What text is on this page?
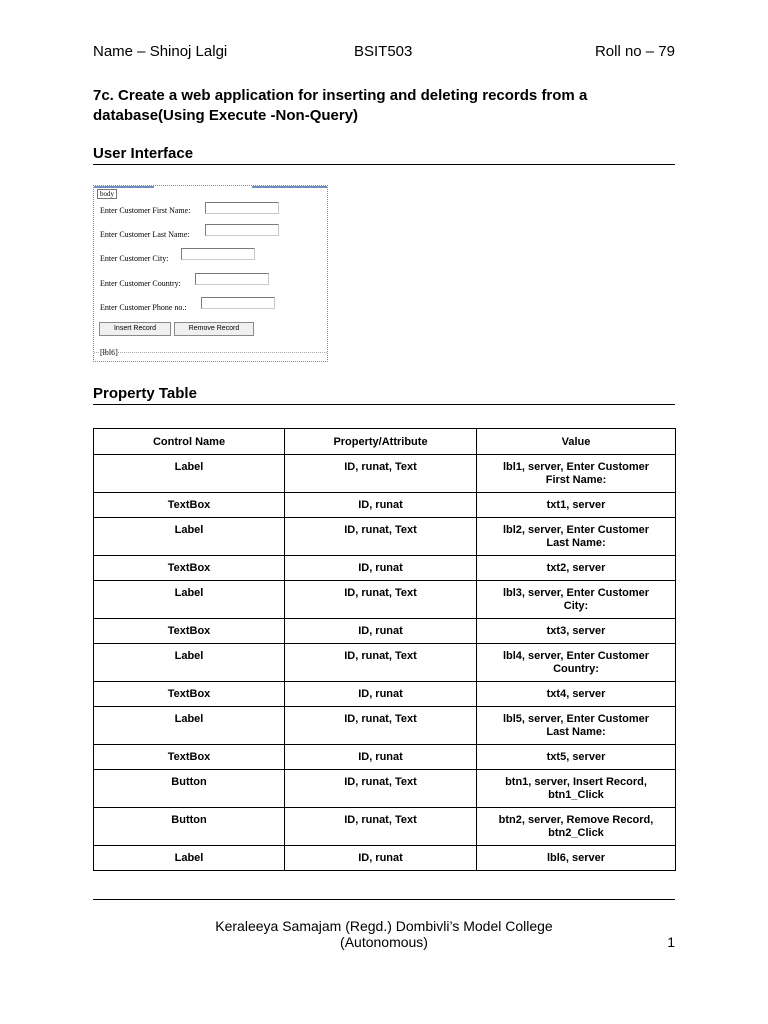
Name – Shinoj Lalgi	BSIT503	Roll no – 79
7c. Create a web application for inserting and deleting records from a
database(Using Execute -Non-Query)
User Interface
body
Enter Customer First Name:
Enter Customer Last Name:
Enter Customer City:
Enter Customer Country:
Enter Customer Phone no.:
Insert Record	Remove Record
[lbl6]
Property Table
Control Name	Property/Attribute	Value
Label	ID, runat, Text	lbl1, server, Enter Customer First Name:
TextBox	ID, runat	txt1, server
Label	ID, runat, Text	lbl2, server, Enter Customer Last Name:
TextBox	ID, runat	txt2, server
Label	ID, runat, Text	lbl3, server, Enter Customer City:
TextBox	ID, runat	txt3, server
Label	ID, runat, Text	lbl4, server, Enter Customer Country:
TextBox	ID, runat	txt4, server
Label	ID, runat, Text	lbl5, server, Enter Customer Last Name:
TextBox	ID, runat	txt5, server
Button	ID, runat, Text	btn1, server, Insert Record, btn1_Click
Button	ID, runat, Text	btn2, server, Remove Record, btn2_Click
Label	ID, runat	lbl6, server
Keraleeya Samajam (Regd.) Dombivli’s Model College
(Autonomous)	1
